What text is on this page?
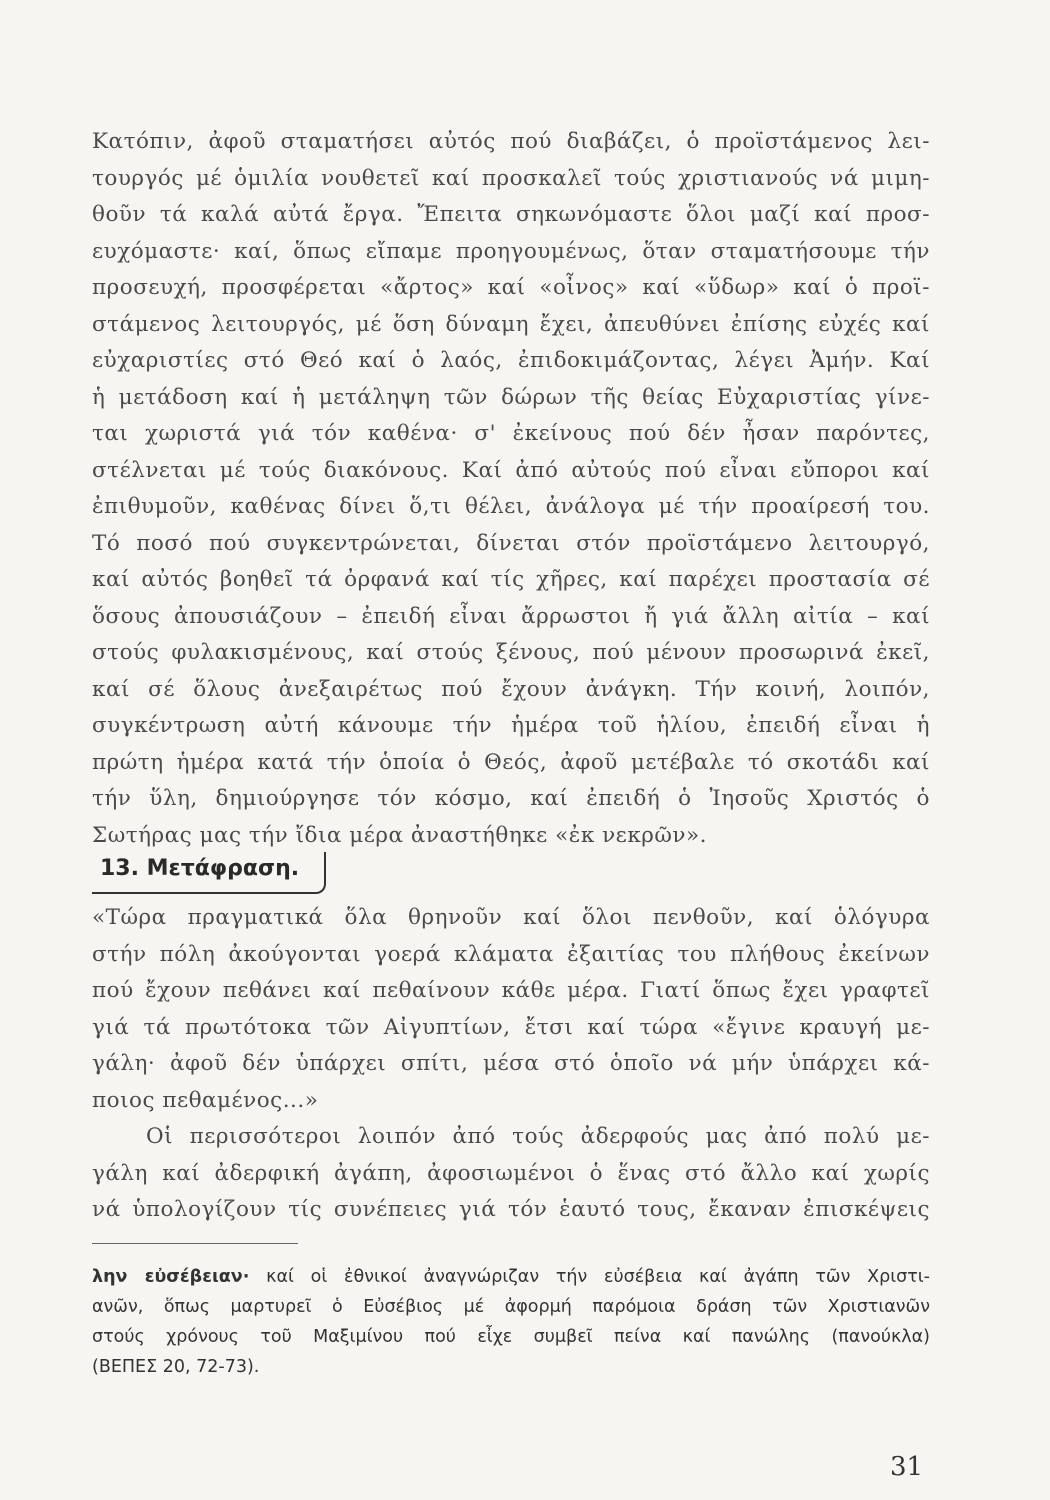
Κατόπιν, ἀφοῦ σταματήσει αὐτός πού διαβάζει, ὁ προϊστάμενος λει-
τουργός μέ ὁμιλία νουθετεῖ καί προσκαλεῖ τούς χριστιανούς νά μιμη-
θοῦν τά καλά αὐτά ἔργα. Ἔπειτα σηκωνόμαστε ὅλοι μαζί καί προσ-
ευχόμαστε· καί, ὅπως εἴπαμε προηγουμένως, ὅταν σταματήσουμε τήν
προσευχή, προσφέρεται «ἄρτος» καί «οἶνος» καί «ὕδωρ» καί ὁ προϊ-
στάμενος λειτουργός, μέ ὅση δύναμη ἔχει, ἀπευθύνει ἐπίσης εὐχές καί
εὐχαριστίες στό Θεό καί ὁ λαός, ἐπιδοκιμάζοντας, λέγει Ἀμήν. Καί
ἡ μετάδοση καί ἡ μετάληψη τῶν δώρων τῆς θείας Εὐχαριστίας γίνε-
ται χωριστά γιά τόν καθένα· σ' ἐκείνους πού δέν ἦσαν παρόντες,
στέλνεται μέ τούς διακόνους. Καί ἀπό αὐτούς πού εἶναι εὔποροι καί
ἐπιθυμοῦν, καθένας δίνει ὅ,τι θέλει, ἀνάλογα μέ τήν προαίρεσή του.
Τό ποσό πού συγκεντρώνεται, δίνεται στόν προϊστάμενο λειτουργό,
καί αὐτός βοηθεῖ τά ὀρφανά καί τίς χῆρες, καί παρέχει προστασία σέ
ὅσους ἀπουσιάζουν – ἐπειδή εἶναι ἄρρωστοι ἤ γιά ἄλλη αἰτία – καί
στούς φυλακισμένους, καί στούς ξένους, πού μένουν προσωρινά ἐκεῖ,
καί σέ ὅλους ἀνεξαιρέτως πού ἔχουν ἀνάγκη. Τήν κοινή, λοιπόν,
συγκέντρωση αὐτή κάνουμε τήν ἡμέρα τοῦ ἡλίου, ἐπειδή εἶναι ἡ
πρώτη ἡμέρα κατά τήν ὁποία ὁ Θεός, ἀφοῦ μετέβαλε τό σκοτάδι καί
τήν ὕλη, δημιούργησε τόν κόσμο, καί ἐπειδή ὁ Ἰησοῦς Χριστός ὁ
Σωτήρας μας τήν ἴδια μέρα ἀναστήθηκε «ἐκ νεκρῶν».
13. Μετάφραση.
«Τώρα πραγματικά ὅλα θρηνοῦν καί ὅλοι πενθοῦν, καί ὁλόγυρα
στήν πόλη ἀκούγονται γοερά κλάματα ἐξαιτίας του πλήθους ἐκείνων
πού ἔχουν πεθάνει καί πεθαίνουν κάθε μέρα. Γιατί ὅπως ἔχει γραφτεῖ
γιά τά πρωτότοκα τῶν Αἰγυπτίων, ἔτσι καί τώρα «ἔγινε κραυγή με-
γάλη· ἀφοῦ δέν ὑπάρχει σπίτι, μέσα στό ὁποῖο νά μήν ὑπάρχει κά-
ποιος πεθαμένος...»
Οἱ περισσότεροι λοιπόν ἀπό τούς ἀδερφούς μας ἀπό πολύ με-
γάλη καί ἀδερφική ἀγάπη, ἀφοσιωμένοι ὁ ἕνας στό ἄλλο καί χωρίς
νά ὑπολογίζουν τίς συνέπειες γιά τόν ἑαυτό τους, ἔκαναν ἐπισκέψεις
λην εὐσέβειαν· καί οἱ ἐθνικοί ἀναγνώριζαν τήν εὐσέβεια καί ἀγάπη τῶν Χριστι-
ανῶν, ὅπως μαρτυρεῖ ὁ Εὐσέβιος μέ ἀφορμή παρόμοια δράση τῶν Χριστιανῶν
στούς χρόνους τοῦ Μαξιμίνου πού εἶχε συμβεῖ πείνα καί πανώλης (πανούκλα)
(ΒΕΠΕΣ 20, 72-73).
31
